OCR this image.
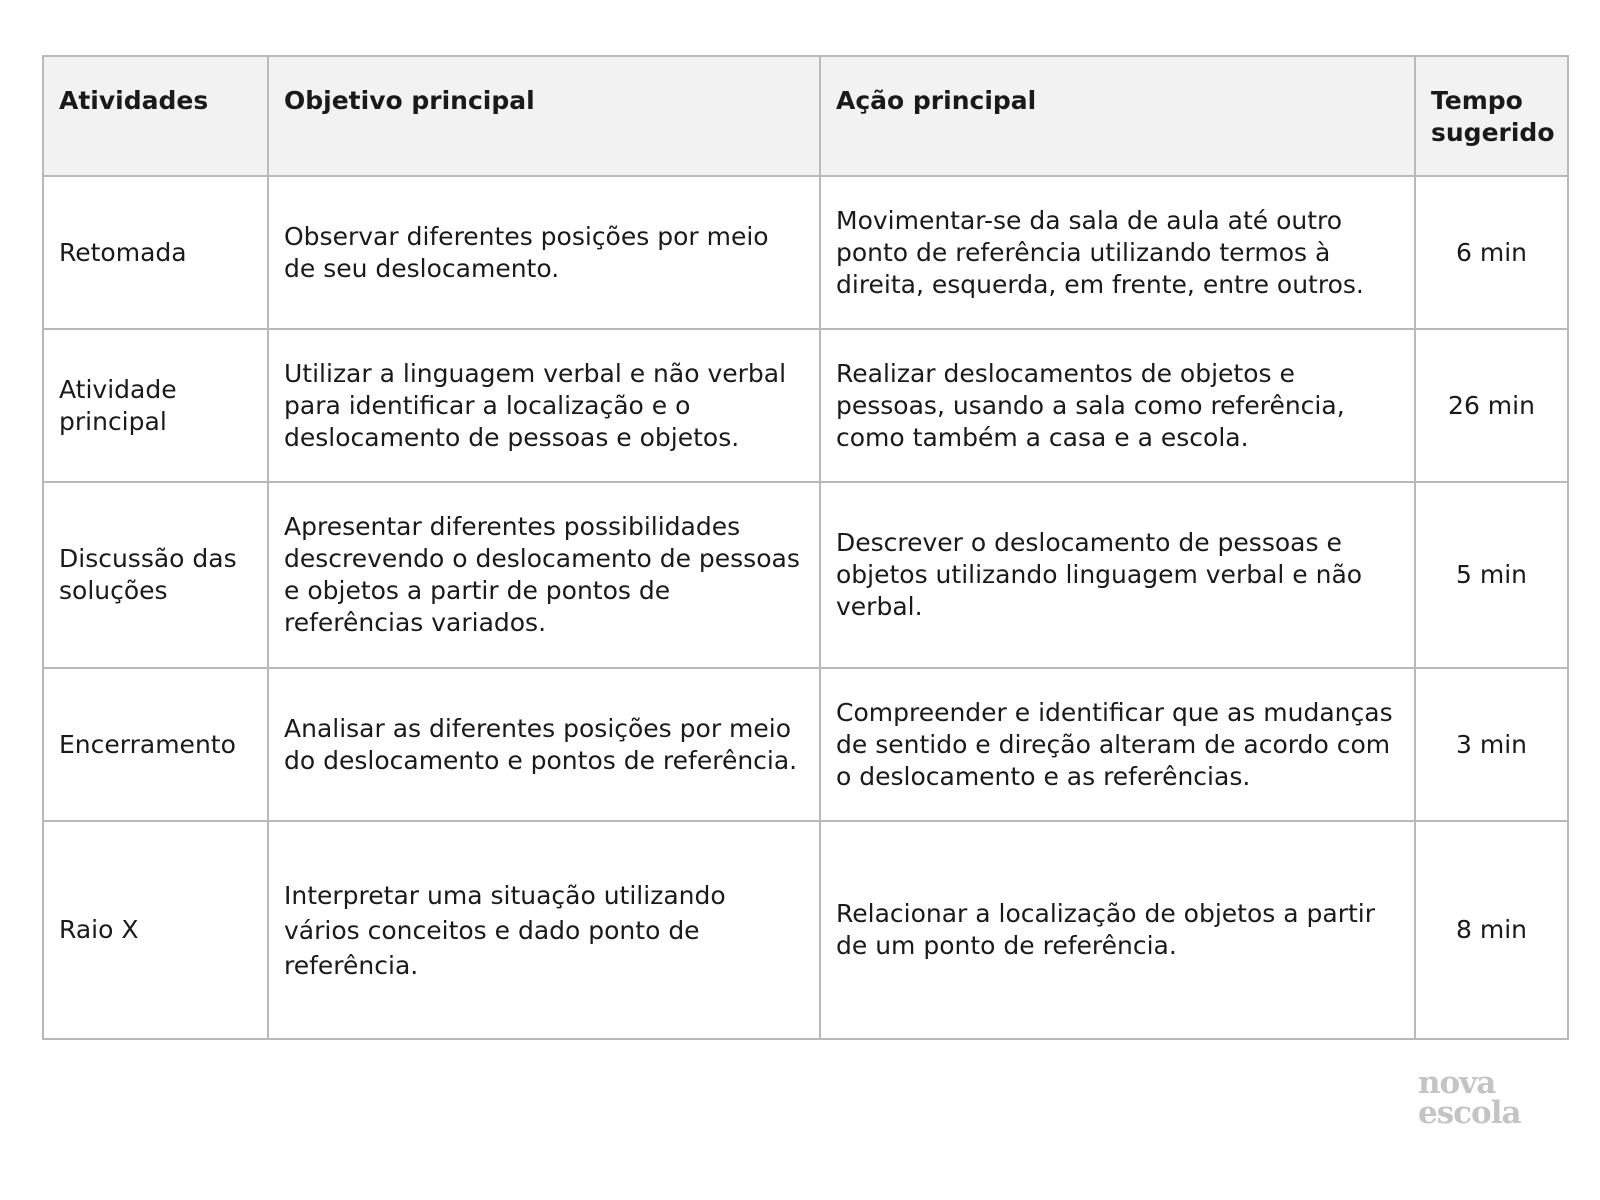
Atividades	Objetivo principal	Ação principal	Tempo sugerido
Retomada	Observar diferentes posições por meio de seu deslocamento.	Movimentar-se da sala de aula até outro ponto de referência utilizando termos à direita, esquerda, em frente, entre outros.	6 min
Atividade principal	Utilizar a linguagem verbal e não verbal para identificar a localização e o deslocamento de pessoas e objetos.	Realizar deslocamentos de objetos e pessoas, usando a sala como referência, como também a casa e a escola.	26 min
Discussão das soluções	Apresentar diferentes possibilidades descrevendo o deslocamento de pessoas e objetos a partir de pontos de referências variados.	Descrever o deslocamento de pessoas e objetos utilizando linguagem verbal e não verbal.	5 min
Encerramento	Analisar as diferentes posições por meio do deslocamento e pontos de referência.	Compreender e identificar que as mudanças de sentido e direção alteram de acordo com o deslocamento e as referências.	3 min
Raio X	Interpretar uma situação utilizando vários conceitos e dado ponto de referência.	Relacionar a localização de objetos a partir de um ponto de referência.	8 min
nova
escola
